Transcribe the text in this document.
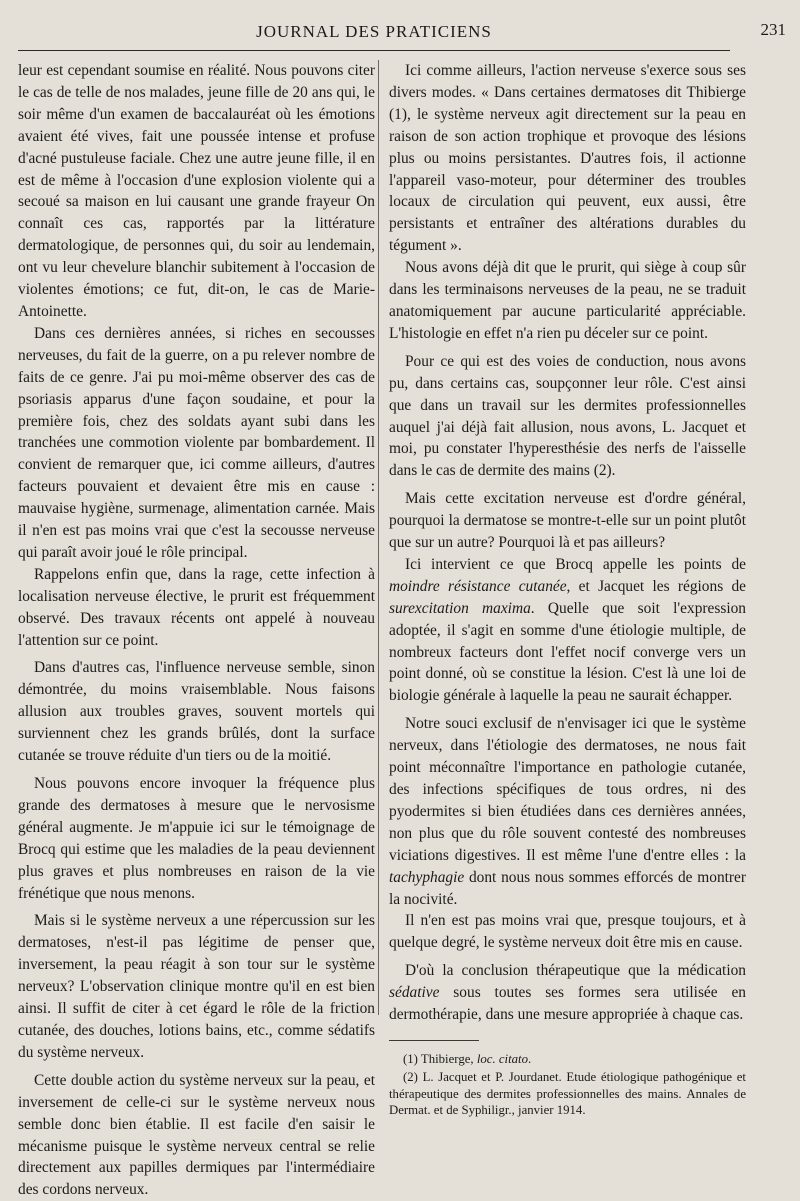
JOURNAL DES PRATICIENS	231

leur est cependant soumise en réalité. Nous pouvons citer le cas de telle de nos malades, jeune fille de 20 ans qui, le soir même d'un examen de baccalauréat où les émotions avaient été vives, fait une poussée intense et profuse d'acné pustuleuse faciale. Chez une autre jeune fille, il en est de même à l'occasion d'une explosion violente qui a secoué sa maison en lui causant une grande frayeur On connaît ces cas, rapportés par la littérature dermatologique, de personnes qui, du soir au lendemain, ont vu leur chevelure blanchir subitement à l'occasion de violentes émotions; ce fut, dit-on, le cas de Marie-Antoinette.

Dans ces dernières années, si riches en secousses nerveuses, du fait de la guerre, on a pu relever nombre de faits de ce genre. J'ai pu moi-même observer des cas de psoriasis apparus d'une façon soudaine, et pour la première fois, chez des soldats ayant subi dans les tranchées une commotion violente par bombardement. Il convient de remarquer que, ici comme ailleurs, d'autres facteurs pouvaient et devaient être mis en cause : mauvaise hygiène, surmenage, alimentation carnée. Mais il n'en est pas moins vrai que c'est la secousse nerveuse qui paraît avoir joué le rôle principal.

Rappelons enfin que, dans la rage, cette infection à localisation nerveuse élective, le prurit est fréquemment observé. Des travaux récents ont appelé à nouveau l'attention sur ce point.

Dans d'autres cas, l'influence nerveuse semble, sinon démontrée, du moins vraisemblable. Nous faisons allusion aux troubles graves, souvent mortels qui surviennent chez les grands brûlés, dont la surface cutanée se trouve réduite d'un tiers ou de la moitié.

Nous pouvons encore invoquer la fréquence plus grande des dermatoses à mesure que le nervosisme général augmente. Je m'appuie ici sur le témoignage de Brocq qui estime que les maladies de la peau deviennent plus graves et plus nombreuses en raison de la vie frénétique que nous menons.

Mais si le système nerveux a une répercussion sur les dermatoses, n'est-il pas légitime de penser que, inversement, la peau réagit à son tour sur le système nerveux? L'observation clinique montre qu'il en est bien ainsi. Il suffit de citer à cet égard le rôle de la friction cutanée, des douches, lotions bains, etc., comme sédatifs du système nerveux.

Cette double action du système nerveux sur la peau, et inversement de celle-ci sur le système nerveux nous semble donc bien établie. Il est facile d'en saisir le mécanisme puisque le système nerveux central se relie directement aux papilles dermiques par l'intermédiaire des cordons nerveux.

Ici comme ailleurs, l'action nerveuse s'exerce sous ses divers modes. « Dans certaines dermatoses dit Thibierge (1), le système nerveux agit directement sur la peau en raison de son action trophique et provoque des lésions plus ou moins persistantes. D'autres fois, il actionne l'appareil vaso-moteur, pour déterminer des troubles locaux de circulation qui peuvent, eux aussi, être persistants et entraîner des altérations durables du tégument ».

Nous avons déjà dit que le prurit, qui siège à coup sûr dans les terminaisons nerveuses de la peau, ne se traduit anatomiquement par aucune particularité appréciable. L'histologie en effet n'a rien pu déceler sur ce point.

Pour ce qui est des voies de conduction, nous avons pu, dans certains cas, soupçonner leur rôle. C'est ainsi que dans un travail sur les dermites professionnelles auquel j'ai déjà fait allusion, nous avons, L. Jacquet et moi, pu constater l'hyperesthésie des nerfs de l'aisselle dans le cas de dermite des mains (2).

Mais cette excitation nerveuse est d'ordre général, pourquoi la dermatose se montre-t-elle sur un point plutôt que sur un autre? Pourquoi là et pas ailleurs?

Ici intervient ce que Brocq appelle les points de moindre résistance cutanée, et Jacquet les régions de surexcitation maxima. Quelle que soit l'expression adoptée, il s'agit en somme d'une étiologie multiple, de nombreux facteurs dont l'effet nocif converge vers un point donné, où se constitue la lésion. C'est là une loi de biologie générale à laquelle la peau ne saurait échapper.

Notre souci exclusif de n'envisager ici que le système nerveux, dans l'étiologie des dermatoses, ne nous fait point méconnaître l'importance en pathologie cutanée, des infections spécifiques de tous ordres, ni des pyodermites si bien étudiées dans ces dernières années, non plus que du rôle souvent contesté des nombreuses viciations digestives. Il est même l'une d'entre elles : la tachyphagie dont nous nous sommes efforcés de montrer la nocivité.

Il n'en est pas moins vrai que, presque toujours, et à quelque degré, le système nerveux doit être mis en cause.

D'où la conclusion thérapeutique que la médication sédative sous toutes ses formes sera utilisée en dermothérapie, dans une mesure appropriée à chaque cas.

(1) Thibierge, loc. citato.
(2) L. Jacquet et P. Jourdanet. Etude étiologique pathogénique et thérapeutique des dermites professionnelles des mains. Annales de Dermat. et de Syphiligr., janvier 1914.
